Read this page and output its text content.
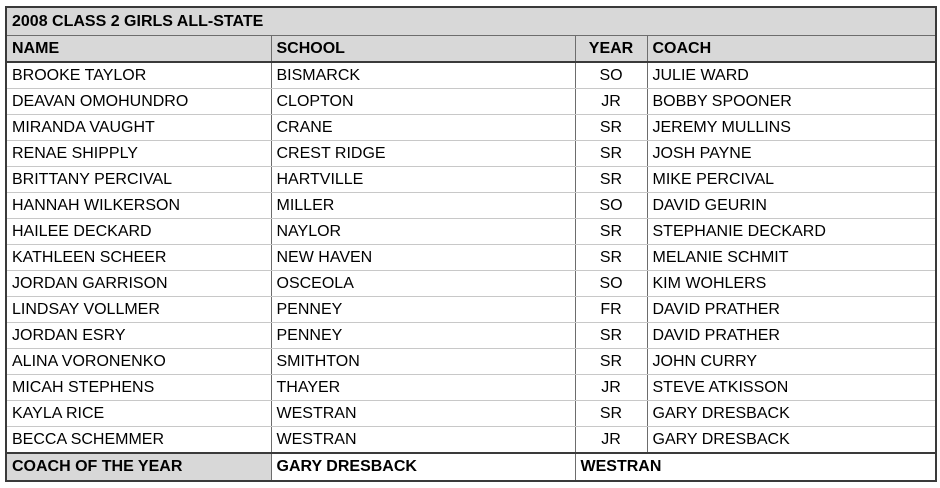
2008 CLASS 2 GIRLS ALL-STATE			
NAME	SCHOOL	YEAR	COACH
BROOKE TAYLOR	BISMARCK	SO	JULIE WARD
DEAVAN OMOHUNDRO	CLOPTON	JR	BOBBY SPOONER
MIRANDA VAUGHT	CRANE	SR	JEREMY MULLINS
RENAE SHIPPLY	CREST RIDGE	SR	JOSH PAYNE
BRITTANY PERCIVAL	HARTVILLE	SR	MIKE PERCIVAL
HANNAH WILKERSON	MILLER	SO	DAVID GEURIN
HAILEE DECKARD	NAYLOR	SR	STEPHANIE DECKARD
KATHLEEN SCHEER	NEW HAVEN	SR	MELANIE SCHMIT
JORDAN GARRISON	OSCEOLA	SO	KIM WOHLERS
LINDSAY VOLLMER	PENNEY	FR	DAVID PRATHER
JORDAN ESRY	PENNEY	SR	DAVID PRATHER
ALINA VORONENKO	SMITHTON	SR	JOHN CURRY
MICAH STEPHENS	THAYER	JR	STEVE ATKISSON
KAYLA RICE	WESTRAN	SR	GARY DRESBACK
BECCA SCHEMMER	WESTRAN	JR	GARY DRESBACK
COACH OF THE YEAR	GARY DRESBACK	WESTRAN	
